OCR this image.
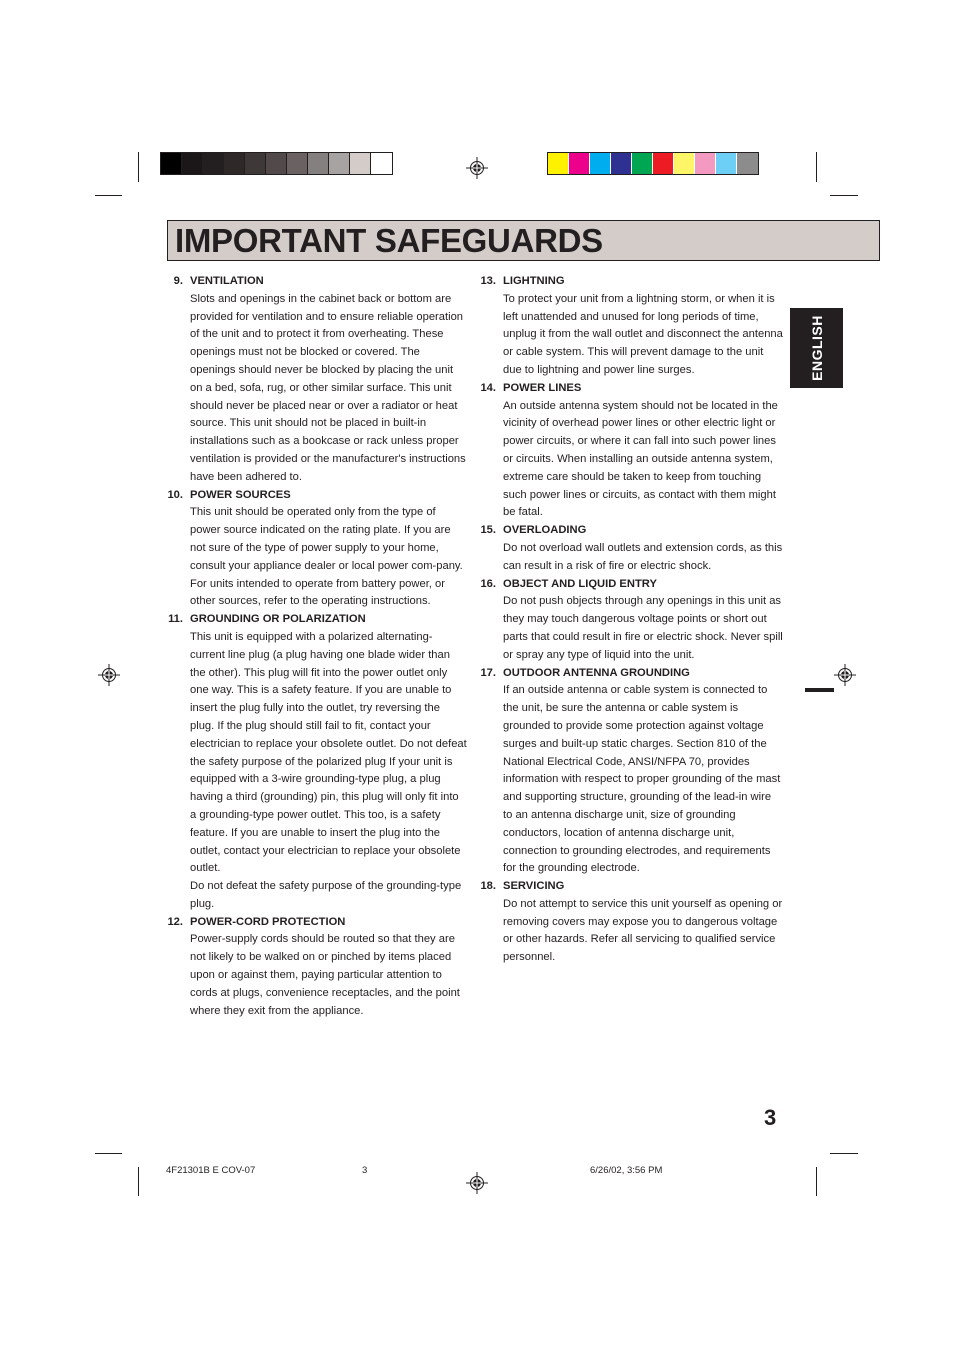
IMPORTANT SAFEGUARDS
ENGLISH
9. VENTILATION

Slots and openings in the cabinet back or bottom are provided for ventilation and to ensure reliable operation of the unit and to protect it from overheating. These openings must not be blocked or covered. The openings should never be blocked by placing the unit on a bed, sofa, rug, or other similar surface. This unit should never be placed near or over a radiator or heat source. This unit should not be placed in built-in installations such as a bookcase or rack unless proper ventilation is provided or the manufacturer's instructions have been adhered to.

10. POWER SOURCES

This unit should be operated only from the type of power source indicated on the rating plate. If you are not sure of the type of power supply to your home, consult your appliance dealer or local power com-pany. For units intended to operate from battery power, or other sources, refer to the operating instructions.

11. GROUNDING OR POLARIZATION

This unit is equipped with a polarized alternating-current line plug (a plug having one blade wider than the other). This plug will fit into the power outlet only one way. This is a safety feature. If you are unable to insert the plug fully into the outlet, try reversing the plug. If the plug should still fail to fit, contact your electrician to replace your obsolete outlet. Do not defeat the safety purpose of the polarized plug If your unit is equipped with a 3-wire grounding-type plug, a plug having a third (grounding) pin, this plug will only fit into a grounding-type power outlet. This too, is a safety feature. If you are unable to insert the plug into the outlet, contact your electrician to replace your obsolete outlet.

Do not defeat the safety purpose of the grounding-type plug.

12. POWER-CORD PROTECTION

Power-supply cords should be routed so that they are not likely to be walked on or pinched by items placed upon or against them, paying particular attention to cords at plugs, convenience receptacles, and the point where they exit from the appliance.

13. LIGHTNING

To protect your unit from a lightning storm, or when it is left unattended and unused for long periods of time, unplug it from the wall outlet and disconnect the antenna or cable system. This will prevent damage to the unit due to lightning and power line surges.

14. POWER LINES

An outside antenna system should not be located in the vicinity of overhead power lines or other electric light or power circuits, or where it can fall into such power lines or circuits. When installing an outside antenna system, extreme care should be taken to keep from touching such power lines or circuits, as contact with them might be fatal.

15. OVERLOADING

Do not overload wall outlets and extension cords, as this can result in a risk of fire or electric shock.

16. OBJECT AND LIQUID ENTRY

Do not push objects through any openings in this unit as they may touch dangerous voltage points or short out parts that could result in fire or electric shock. Never spill or spray any type of liquid into the unit.

17. OUTDOOR ANTENNA GROUNDING

If an outside antenna or cable system is connected to the unit, be sure the antenna or cable system is grounded to provide some protection against voltage surges and built-up static charges. Section 810 of the National Electrical Code, ANSI/NFPA 70, provides information with respect to proper grounding of the mast and supporting structure, grounding of the lead-in wire to an antenna discharge unit, size of grounding conductors, location of antenna discharge unit, connection to grounding electrodes, and requirements for the grounding electrode.

18. SERVICING

Do not attempt to service this unit yourself as opening or removing covers may expose you to dangerous voltage or other hazards. Refer all servicing to qualified service personnel.

3
4F21301B E COV-07	3	6/26/02, 3:56 PM
